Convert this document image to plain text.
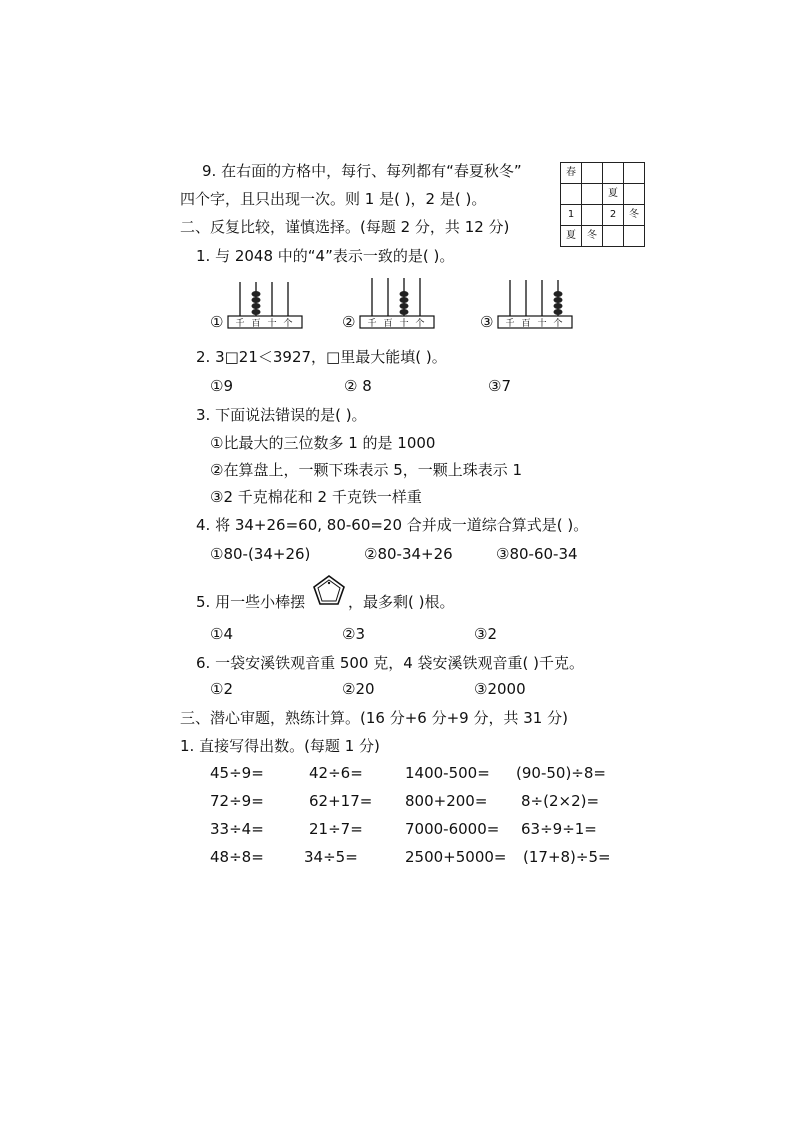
9. 在右面的方格中，每行、每列都有“春夏秋冬”
四个字，且只出现一次。则 1 是( )，2 是( )。
春			
		夏	
1		2	冬
夏	冬		
二、反复比较，谨慎选择。(每题 2 分，共 12 分)
1. 与 2048 中的“4”表示一致的是( )。
① 千 百 十 个	② 千 百 十 个	③ 千 百 十 个
2. 3□21＜3927，□里最大能填( )。
①9	② 8	③7
3. 下面说法错误的是( )。
①比最大的三位数多 1 的是 1000
②在算盘上，一颗下珠表示 5，一颗上珠表示 1
③2 千克棉花和 2 千克铁一样重
4. 将 34+26=60, 80-60=20 合并成一道综合算式是( )。
①80-(34+26)	②80-34+26	③80-60-34
5. 用一些小棒摆	，最多剩( )根。
①4	②3	③2
6. 一袋安溪铁观音重 500 克，4 袋安溪铁观音重( )千克。
①2	②20	③2000
三、潜心审题，熟练计算。(16 分+6 分+9 分，共 31 分)
1. 直接写得出数。(每题 1 分)
45÷9=	42÷6=	1400-500= (90-50)÷8=
72÷9=	62+17= 800+200= 8÷(2×2)=
33÷4=	21÷7=	7000-6000= 63÷9÷1=
48÷8=	34÷5=	2500+5000= (17+8)÷5=
